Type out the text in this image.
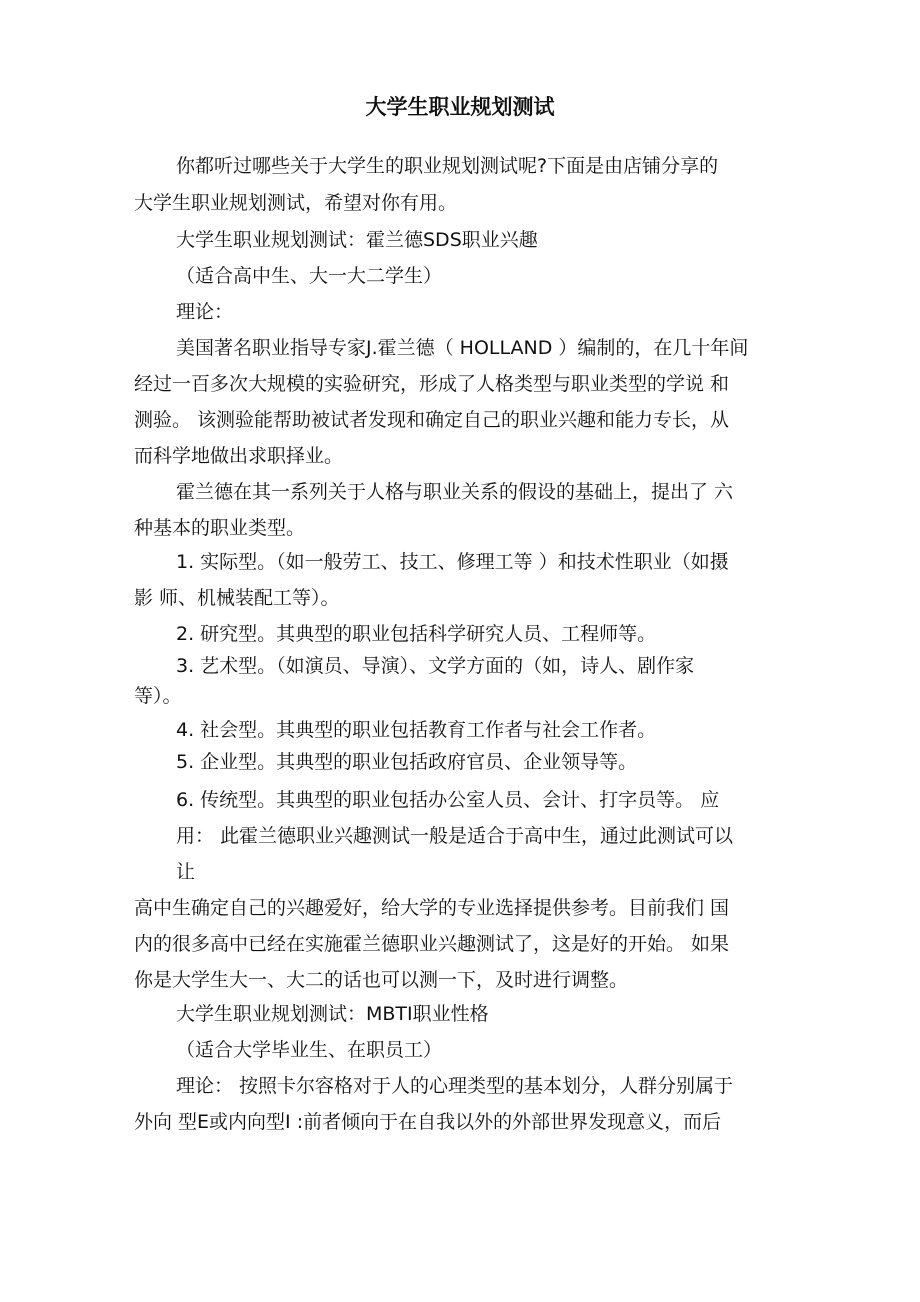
大学生职业规划测试

你都听过哪些关于大学生的职业规划测试呢?下面是由店铺分享的

大学生职业规划测试，希望对你有用。

大学生职业规划测试：霍兰德SDS职业兴趣

（适合高中生、大一大二学生）

理论：

美国著名职业指导专家J.霍兰德（ HOLLAND ）编制的，在几十年间

经过一百多次大规模的实验研究，形成了人格类型与职业类型的学说 和

测验。 该测验能帮助被试者发现和确定自己的职业兴趣和能力专长，从

而科学地做出求职择业。

霍兰德在其一系列关于人格与职业关系的假设的基础上，提出了 六

种基本的职业类型。

1. 实际型。（如一般劳工、技工、修理工等 ）和技术性职业（如摄

影 师、机械装配工等）。

2. 研究型。其典型的职业包括科学研究人员、工程师等。

3. 艺术型。（如演员、导演）、文学方面的（如，诗人、剧作家

等）。

4. 社会型。其典型的职业包括教育工作者与社会工作者。

5. 企业型。其典型的职业包括政府官员、企业领导等。

6. 传统型。其典型的职业包括办公室人员、会计、打字员等。 应

用： 此霍兰德职业兴趣测试一般是适合于高中生，通过此测试可以

让

高中生确定自己的兴趣爱好，给大学的专业选择提供参考。目前我们 国

内的很多高中已经在实施霍兰德职业兴趣测试了，这是好的开始。 如果

你是大学生大一、大二的话也可以测一下，及时进行调整。

大学生职业规划测试：MBTI职业性格

（适合大学毕业生、在职员工）

理论： 按照卡尔容格对于人的心理类型的基本划分，人群分别属于

外向 型E或内向型I :前者倾向于在自我以外的外部世界发现意义，而后
